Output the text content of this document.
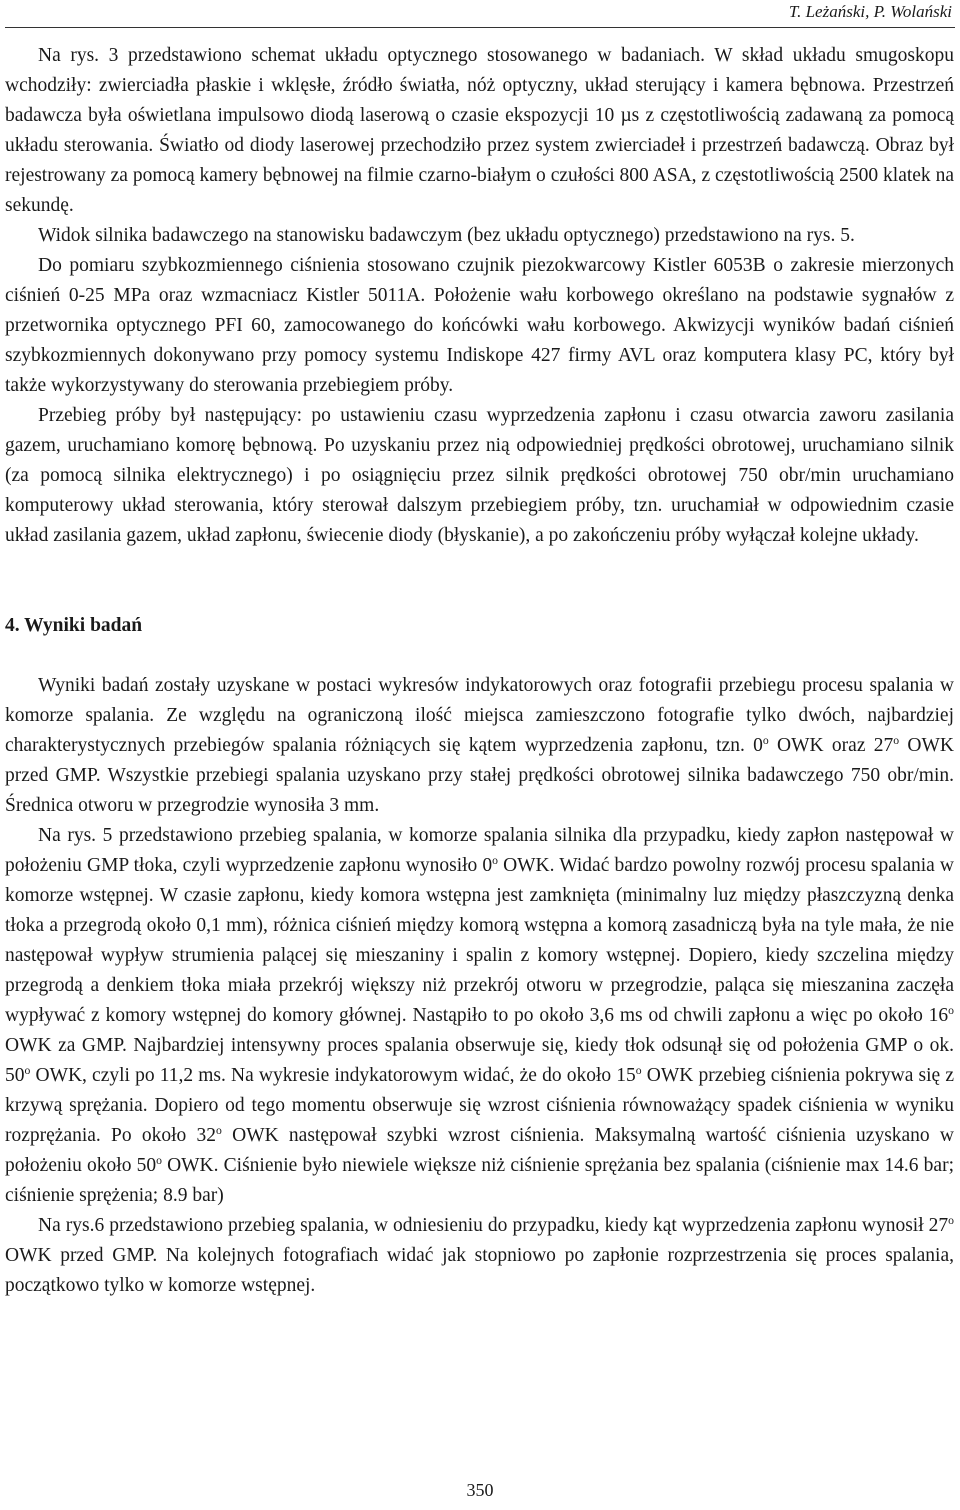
T. Leżański, P. Wolański

Na rys. 3 przedstawiono schemat układu optycznego stosowanego w badaniach. W skład układu smugoskopu wchodziły: zwierciadła płaskie i wklęsłe, źródło światła, nóż optyczny, układ sterujący i kamera bębnowa. Przestrzeń badawcza była oświetlana impulsowo diodą laserową o czasie ekspozycji 10 µs z częstotliwością zadawaną za pomocą układu sterowania. Światło od diody laserowej przechodziło przez system zwierciadeł i przestrzeń badawczą. Obraz był rejestrowany za pomocą kamery bębnowej na filmie czarno-białym o czułości 800 ASA, z częstotliwością 2500 klatek na sekundę.

Widok silnika badawczego na stanowisku badawczym (bez układu optycznego) przedstawiono na rys. 5.

Do pomiaru szybkozmiennego ciśnienia stosowano czujnik piezokwarcowy Kistler 6053B o zakresie mierzonych ciśnień 0-25 MPa oraz wzmacniacz Kistler 5011A. Położenie wału korbowego określano na podstawie sygnałów z przetwornika optycznego PFI 60, zamocowanego do końcówki wału korbowego. Akwizycji wyników badań ciśnień szybkozmiennych dokonywano przy pomocy systemu Indiskope 427 firmy AVL oraz komputera klasy PC, który był także wykorzystywany do sterowania przebiegiem próby.

Przebieg próby był następujący: po ustawieniu czasu wyprzedzenia zapłonu i czasu otwarcia zaworu zasilania gazem, uruchamiano komorę bębnową. Po uzyskaniu przez nią odpowiedniej prędkości obrotowej, uruchamiano silnik (za pomocą silnika elektrycznego) i po osiągnięciu przez silnik prędkości obrotowej 750 obr/min uruchamiano komputerowy układ sterowania, który sterował dalszym przebiegiem próby, tzn. uruchamiał w odpowiednim czasie układ zasilania gazem, układ zapłonu, świecenie diody (błyskanie), a po zakończeniu próby wyłączał kolejne układy.

4. Wyniki badań

Wyniki badań zostały uzyskane w postaci wykresów indykatorowych oraz fotografii przebiegu procesu spalania w komorze spalania. Ze względu na ograniczoną ilość miejsca zamieszczono fotografie tylko dwóch, najbardziej charakterystycznych przebiegów spalania różniących się kątem wyprzedzenia zapłonu, tzn. 0$^o$ OWK oraz 27$^o$ OWK przed GMP. Wszystkie przebiegi spalania uzyskano przy stałej prędkości obrotowej silnika badawczego 750 obr/min. Średnica otworu w przegrodzie wynosiła 3 mm.

Na rys. 5 przedstawiono przebieg spalania, w komorze spalania silnika dla przypadku, kiedy zapłon następował w położeniu GMP tłoka, czyli wyprzedzenie zapłonu wynosiło 0$^o$ OWK. Widać bardzo powolny rozwój procesu spalania w komorze wstępnej. W czasie zapłonu, kiedy komora wstępna jest zamknięta (minimalny luz między płaszczyzną denka tłoka a przegrodą około 0,1 mm), różnica ciśnień między komorą wstępna a komorą zasadniczą była na tyle mała, że nie następował wypływ strumienia palącej się mieszaniny i spalin z komory wstępnej. Dopiero, kiedy szczelina między przegrodą a denkiem tłoka miała przekrój większy niż przekrój otworu w przegrodzie, paląca się mieszanina zaczęła wypływać z komory wstępnej do komory głównej. Nastąpiło to po około 3,6 ms od chwili zapłonu a więc po około 16$^o$ OWK za GMP. Najbardziej intensywny proces spalania obserwuje się, kiedy tłok odsunął się od położenia GMP o ok. 50$^o$ OWK, czyli po 11,2 ms. Na wykresie indykatorowym widać, że do około 15$^o$ OWK przebieg ciśnienia pokrywa się z krzywą sprężania. Dopiero od tego momentu obserwuje się wzrost ciśnienia równoważący spadek ciśnienia w wyniku rozprężania. Po około 32$^o$ OWK następował szybki wzrost ciśnienia. Maksymalną wartość ciśnienia uzyskano w położeniu około 50$^o$ OWK. Ciśnienie było niewiele większe niż ciśnienie sprężania bez spalania (ciśnienie max 14.6 bar; ciśnienie sprężenia; 8.9 bar)

Na rys.6 przedstawiono przebieg spalania, w odniesieniu do przypadku, kiedy kąt wyprzedzenia zapłonu wynosił 27$^o$ OWK przed GMP. Na kolejnych fotografiach widać jak stopniowo po zapłonie rozprzestrzenia się proces spalania, początkowo tylko w komorze wstępnej.

350
